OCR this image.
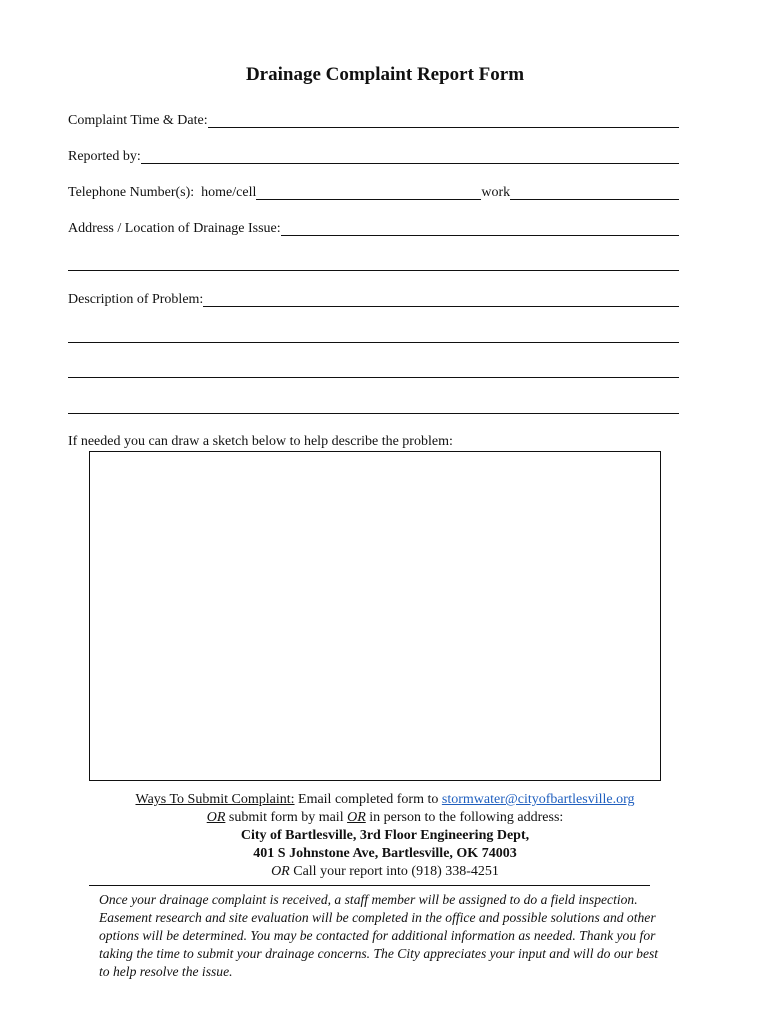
Drainage Complaint Report Form
Complaint Time & Date:
Reported by:
Telephone Number(s):  home/cell	work
Address / Location of Drainage Issue:
Description of Problem:
If needed you can draw a sketch below to help describe the problem:
Ways To Submit Complaint: Email completed form to stormwater@cityofbartlesville.org
OR submit form by mail OR in person to the following address:
City of Bartlesville, 3rd Floor Engineering Dept,
401 S Johnstone Ave, Bartlesville, OK 74003
OR Call your report into (918) 338-4251
Once your drainage complaint is received, a staff member will be assigned to do a field inspection. Easement research and site evaluation will be completed in the office and possible solutions and other options will be determined. You may be contacted for additional information as needed. Thank you for taking the time to submit your drainage concerns. The City appreciates your input and will do our best to help resolve the issue.
